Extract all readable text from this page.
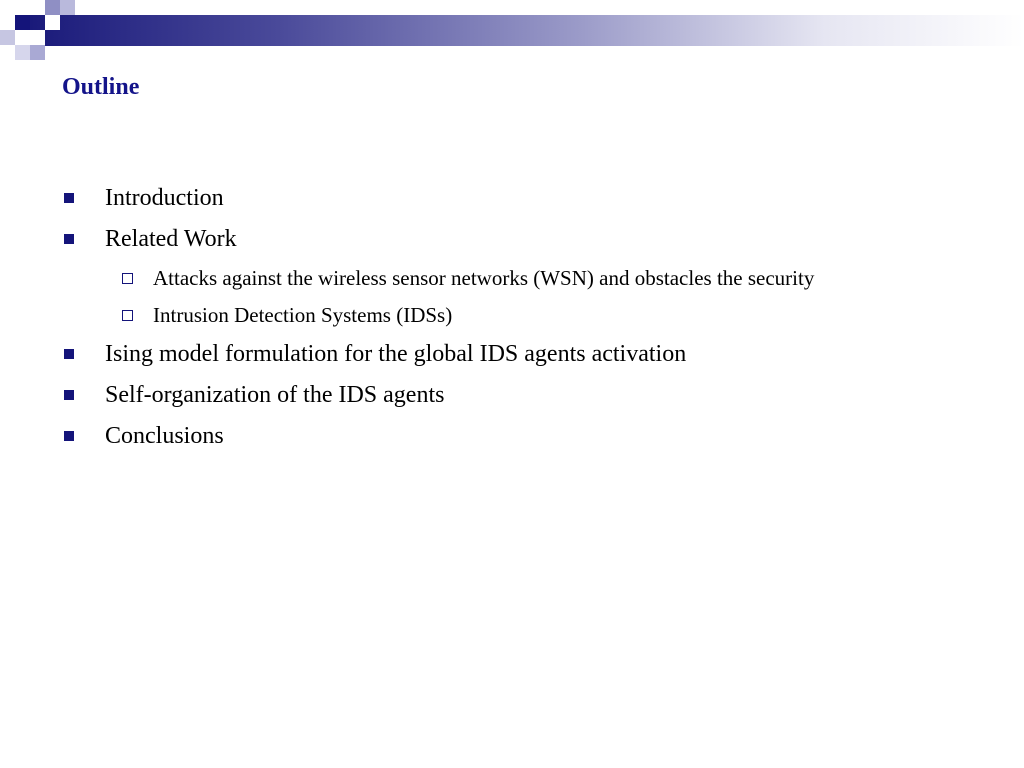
Outline
Introduction
Related Work
Attacks against the wireless sensor networks (WSN) and obstacles the security
Intrusion Detection Systems (IDSs)
Ising model formulation for the global IDS agents activation
Self-organization of the IDS agents
Conclusions
